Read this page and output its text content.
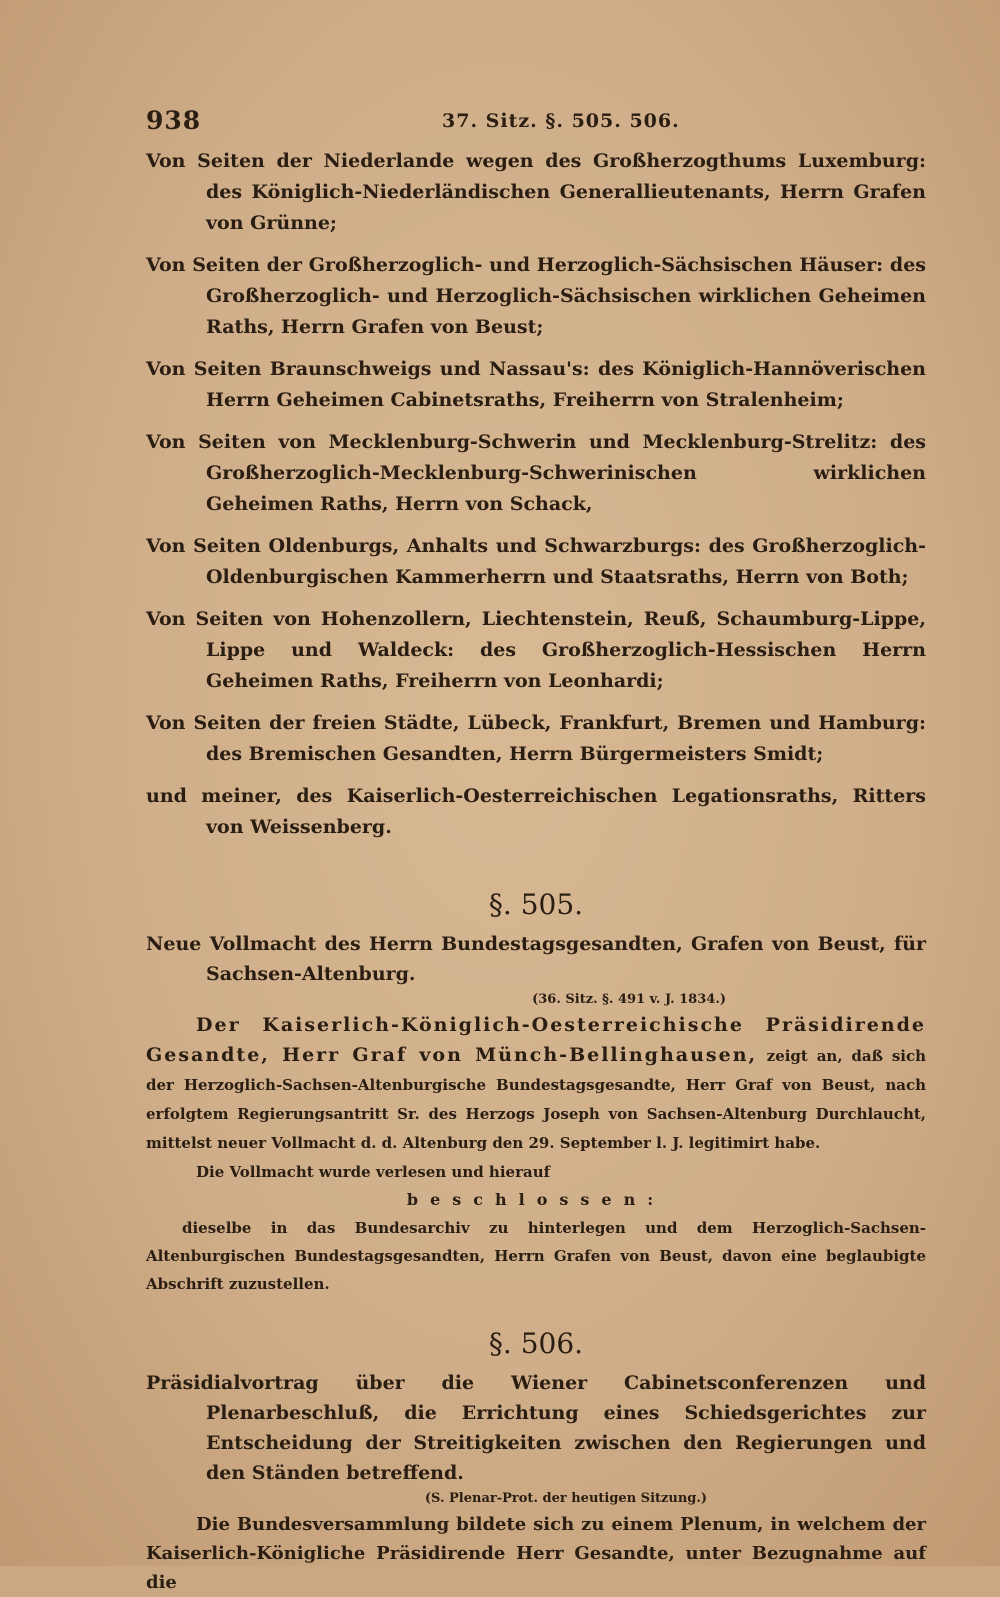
938	37. Sitz. §. 505. 506.

Von Seiten der Niederlande wegen des Großherzogthums Luxemburg: des Königlich-Niederländischen Generallieutenants, Herrn Grafen von Grünne;

Von Seiten der Großherzoglich- und Herzoglich-Sächsischen Häuser: des Großherzoglich- und Herzoglich-Sächsischen wirklichen Geheimen Raths, Herrn Grafen von Beust;

Von Seiten Braunschweigs und Nassau's: des Königlich-Hannöverischen Herrn Geheimen Cabinetsraths, Freiherrn von Stralenheim;

Von Seiten von Mecklenburg-Schwerin und Mecklenburg-Strelitz: des Großherzoglich-Mecklenburg-Schwerinischen wirklichen Geheimen Raths, Herrn von Schack,

Von Seiten Oldenburgs, Anhalts und Schwarzburgs: des Großherzoglich-Oldenburgischen Kammerherrn und Staatsraths, Herrn von Both;

Von Seiten von Hohenzollern, Liechtenstein, Reuß, Schaumburg-Lippe, Lippe und Waldeck: des Großherzoglich-Hessischen Herrn Geheimen Raths, Freiherrn von Leonhardi;

Von Seiten der freien Städte, Lübeck, Frankfurt, Bremen und Hamburg: des Bremischen Gesandten, Herrn Bürgermeisters Smidt;

und meiner, des Kaiserlich-Oesterreichischen Legationsraths, Ritters von Weissenberg.

§. 505.
Neue Vollmacht des Herrn Bundestagsgesandten, Grafen von Beust, für Sachsen-Altenburg.
(36. Sitz. §. 491 v. J. 1834.)
Der Kaiserlich-Königlich-Oesterreichische Präsidirende Gesandte, Herr Graf von Münch-Bellinghausen, zeigt an, daß sich der Herzoglich-Sachsen-Altenburgische Bundestagsgesandte, Herr Graf von Beust, nach erfolgtem Regierungsantritt Sr. des Herzogs Joseph von Sachsen-Altenburg Durchlaucht, mittelst neuer Vollmacht d. d. Altenburg den 29. September l. J. legitimirt habe.
Die Vollmacht wurde verlesen und hierauf
beschlossen:
dieselbe in das Bundesarchiv zu hinterlegen und dem Herzoglich-Sachsen-Altenburgischen Bundestagsgesandten, Herrn Grafen von Beust, davon eine beglaubigte Abschrift zuzustellen.
§. 506.
Präsidialvortrag über die Wiener Cabinetsconferenzen und Plenarbeschluß, die Errichtung eines Schiedsgerichtes zur Entscheidung der Streitigkeiten zwischen den Regierungen und den Ständen betreffend.
(S. Plenar-Prot. der heutigen Sitzung.)
Die Bundesversammlung bildete sich zu einem Plenum, in welchem der Kaiserlich-Königliche Präsidirende Herr Gesandte, unter Bezugnahme auf die
